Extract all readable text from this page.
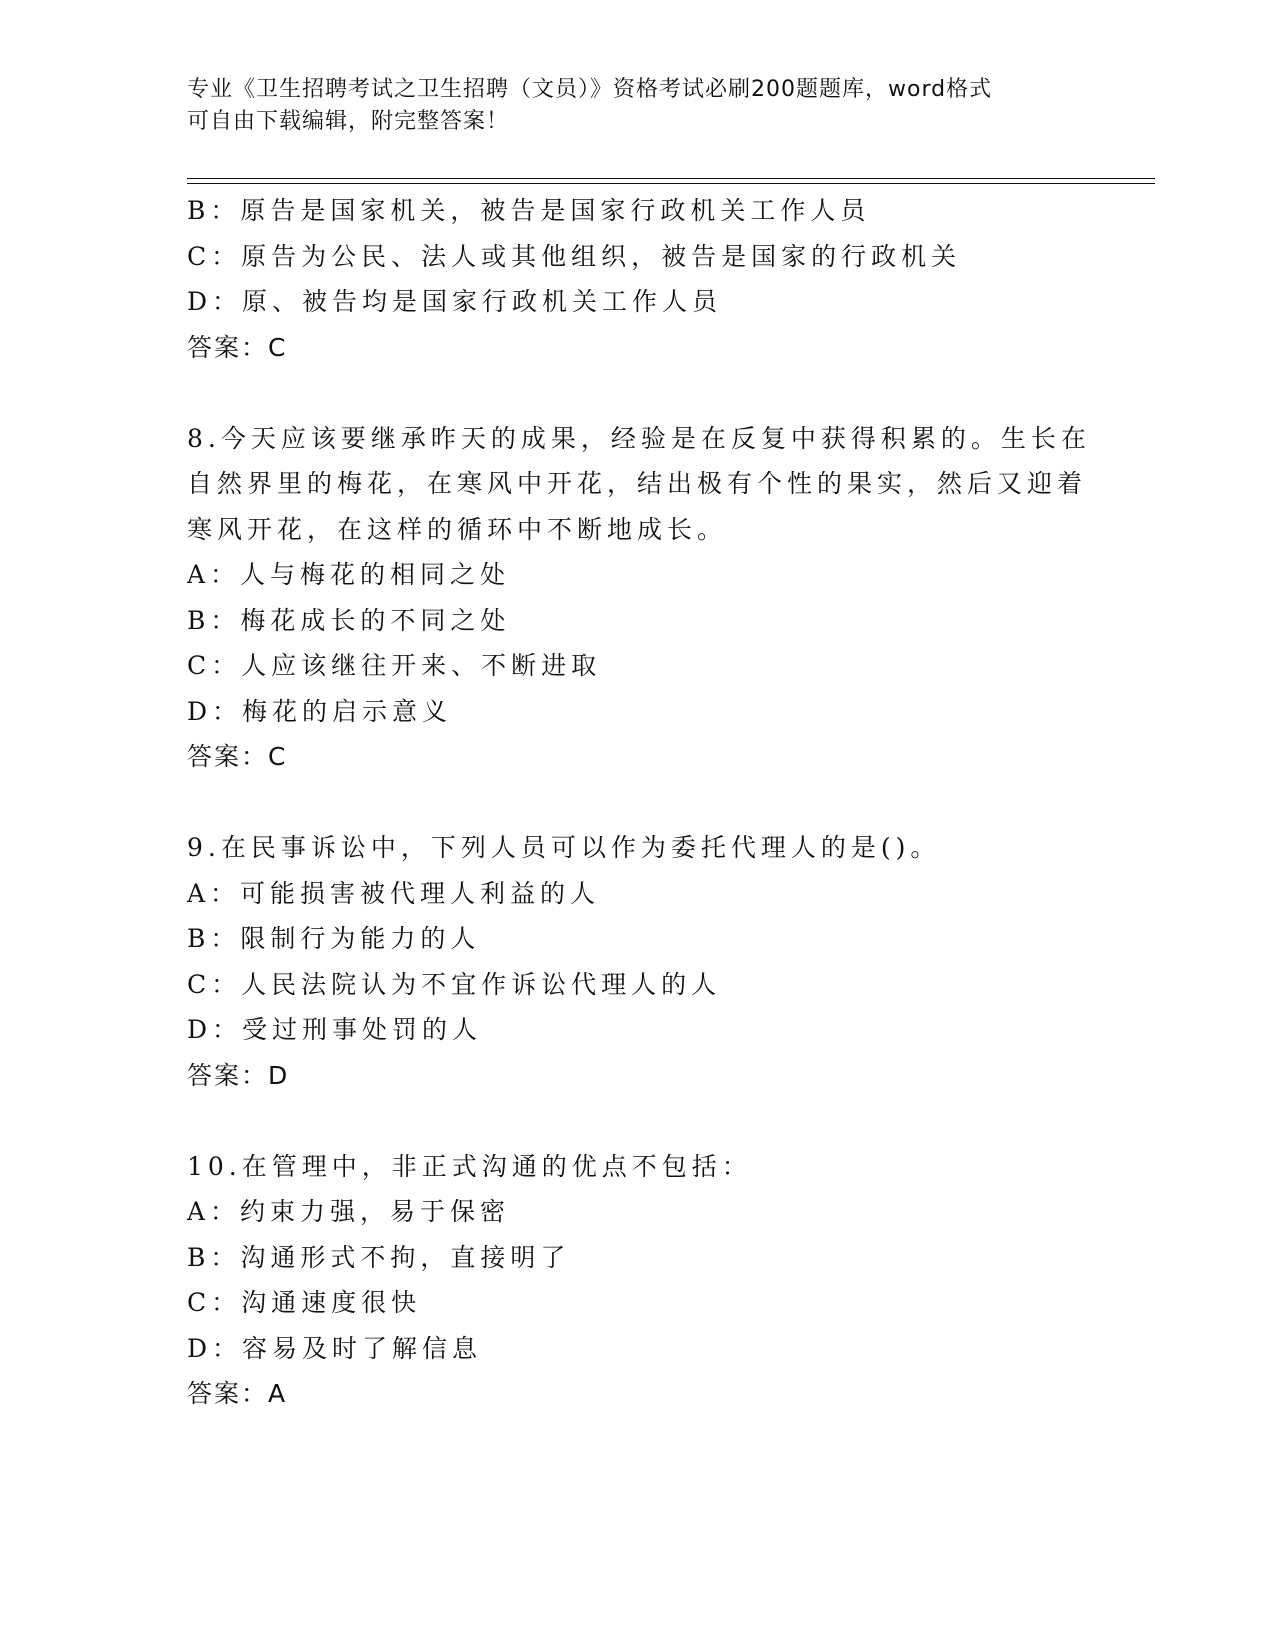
专业《卫生招聘考试之卫生招聘（文员）》资格考试必刷200题题库，word格式
可自由下载编辑，附完整答案！
B：原告是国家机关，被告是国家行政机关工作人员
C：原告为公民、法人或其他组织，被告是国家的行政机关
D：原、被告均是国家行政机关工作人员
答案：C
8.今天应该要继承昨天的成果，经验是在反复中获得积累的。生长在
自然界里的梅花，在寒风中开花，结出极有个性的果实，然后又迎着
寒风开花，在这样的循环中不断地成长。
A：人与梅花的相同之处
B：梅花成长的不同之处
C：人应该继往开来、不断进取
D：梅花的启示意义
答案：C
9.在民事诉讼中，下列人员可以作为委托代理人的是()。
A：可能损害被代理人利益的人
B：限制行为能力的人
C：人民法院认为不宜作诉讼代理人的人
D：受过刑事处罚的人
答案：D
10.在管理中，非正式沟通的优点不包括：
A：约束力强，易于保密
B：沟通形式不拘，直接明了
C：沟通速度很快
D：容易及时了解信息
答案：A
